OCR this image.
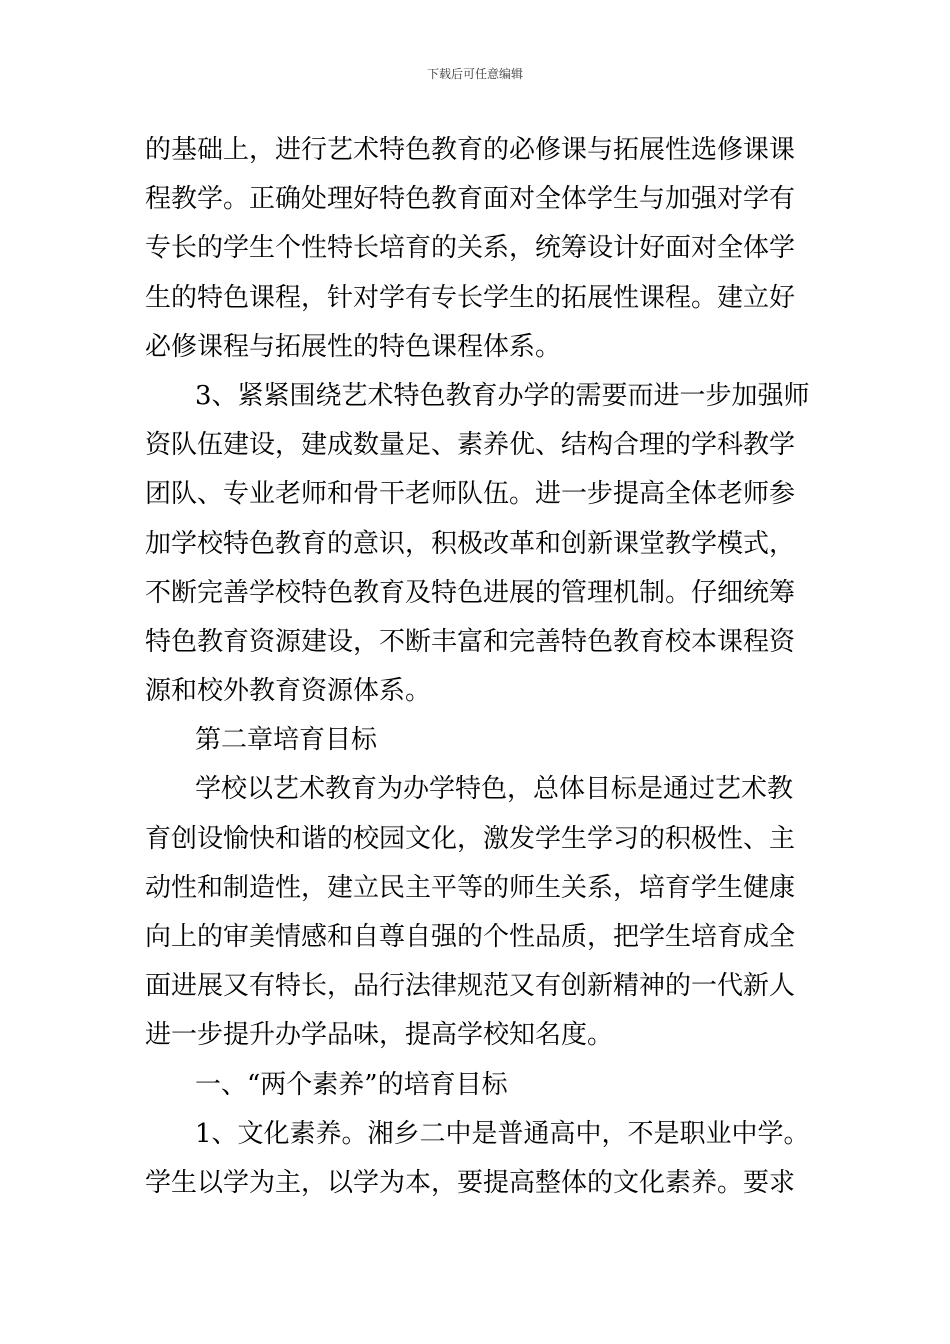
下载后可任意编辑
的基础上，进行艺术特色教育的必修课与拓展性选修课课
程教学。正确处理好特色教育面对全体学生与加强对学有
专长的学生个性特长培育的关系，统筹设计好面对全体学
生的特色课程，针对学有专长学生的拓展性课程。建立好
必修课程与拓展性的特色课程体系。
3、紧紧围绕艺术特色教育办学的需要而进一步加强师
资队伍建设，建成数量足、素养优、结构合理的学科教学
团队、专业老师和骨干老师队伍。进一步提高全体老师参
加学校特色教育的意识，积极改革和创新课堂教学模式，
不断完善学校特色教育及特色进展的管理机制。仔细统筹
特色教育资源建设，不断丰富和完善特色教育校本课程资
源和校外教育资源体系。
第二章培育目标
学校以艺术教育为办学特色，总体目标是通过艺术教
育创设愉快和谐的校园文化，激发学生学习的积极性、主
动性和制造性，建立民主平等的师生关系，培育学生健康
向上的审美情感和自尊自强的个性品质，把学生培育成全
面进展又有特长，品行法律规范又有创新精神的一代新人
进一步提升办学品味，提高学校知名度。
一、“两个素养”的培育目标
1、文化素养。湘乡二中是普通高中，不是职业中学。
学生以学为主，以学为本，要提高整体的文化素养。要求
